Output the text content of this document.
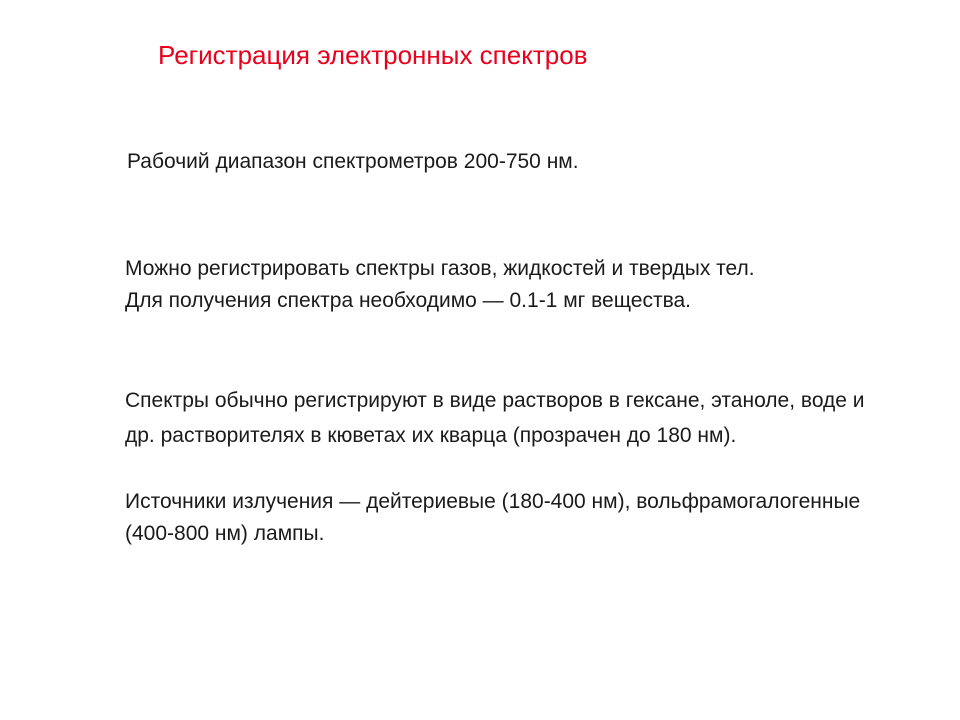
Регистрация электронных спектров

Рабочий диапазон спектрометров 200-750 нм.

Можно регистрировать спектры газов, жидкостей и твердых тел.

Для получения спектра необходимо — 0.1-1 мг вещества.

Спектры обычно регистрируют в виде растворов в гексане, этаноле, воде и др. растворителях в кюветах их кварца (прозрачен до 180 нм).

Источники излучения — дейтериевые (180-400 нм), вольфрамогалогенные (400-800 нм) лампы.
